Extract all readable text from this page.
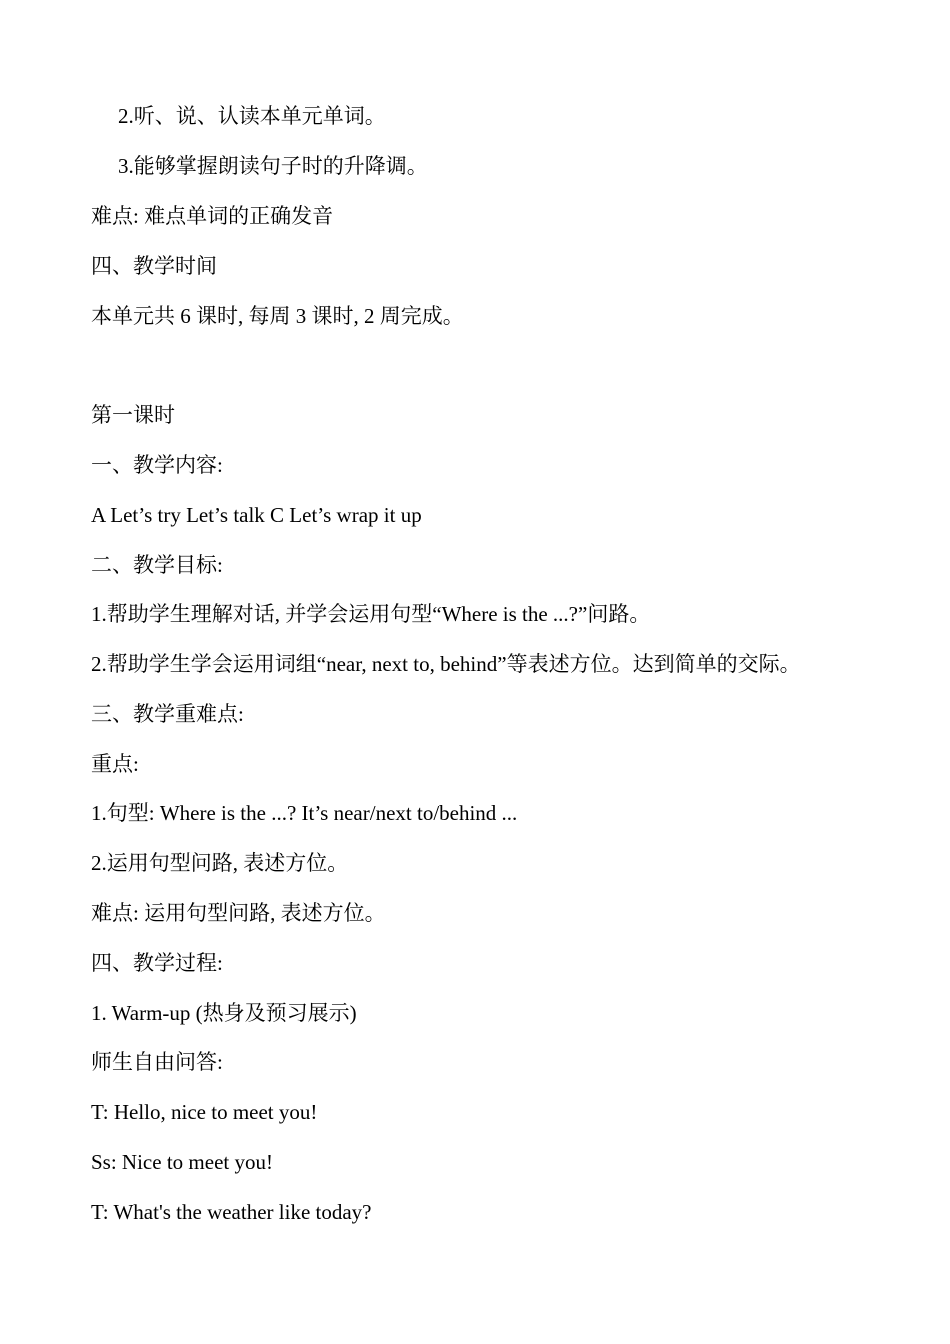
2.听、说、认读本单元单词。
3.能够掌握朗读句子时的升降调。
难点: 难点单词的正确发音
四、教学时间
本单元共 6 课时, 每周 3 课时, 2 周完成。
第一课时
一、教学内容:
A Let’s try Let’s talk C Let’s wrap it up
二、教学目标:
1.帮助学生理解对话, 并学会运用句型“Where is the ...?”问路。
2.帮助学生学会运用词组“near, next to, behind”等表述方位。达到简单的交际。
三、教学重难点:
重点:
1.句型: Where is the ...? It’s near/next to/behind ...
2.运用句型问路, 表述方位。
难点: 运用句型问路, 表述方位。
四、教学过程:
1. Warm-up (热身及预习展示)
师生自由问答:
T: Hello, nice to meet you!
Ss: Nice to meet you!
T: What's the weather like today?
